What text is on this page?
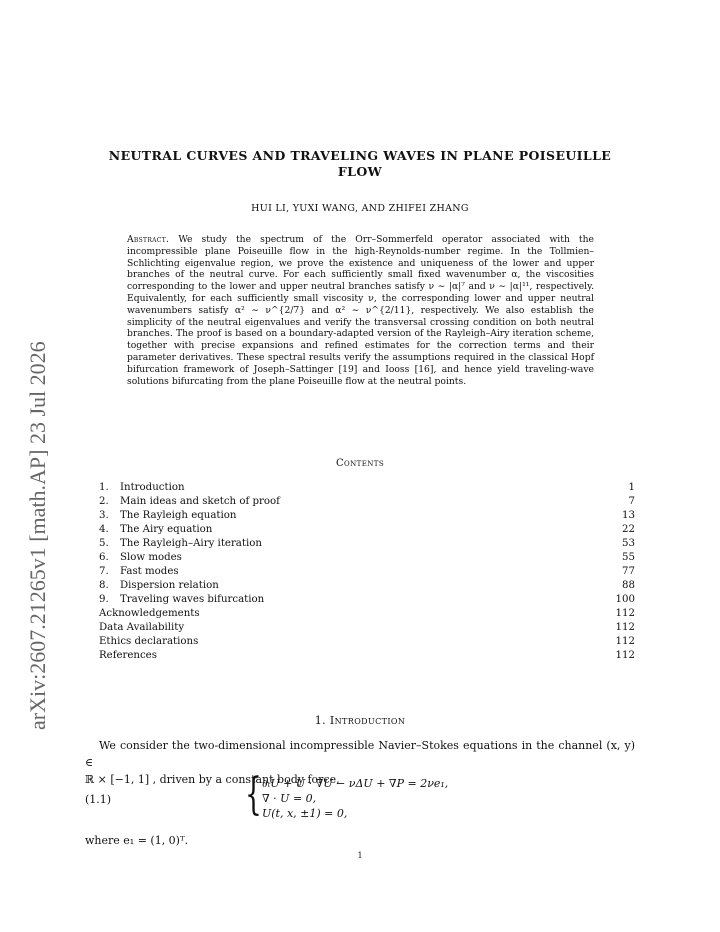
arXiv:2607.21265v1 [math.AP] 23 Jul 2026
NEUTRAL CURVES AND TRAVELING WAVES IN PLANE POISEUILLE
FLOW
HUI LI, YUXI WANG, AND ZHIFEI ZHANG
Abstract. We study the spectrum of the Orr–Sommerfeld operator associated with the incompressible plane Poiseuille flow in the high-Reynolds-number regime. In the Tollmien–Schlichting eigenvalue region, we prove the existence and uniqueness of the lower and upper branches of the neutral curve. For each sufficiently small fixed wavenumber α, the viscosities corresponding to the lower and upper neutral branches satisfy ν ∼ |α|⁷ and ν ∼ |α|¹¹, respectively. Equivalently, for each sufficiently small viscosity ν, the corresponding lower and upper neutral wavenumbers satisfy α² ∼ ν^{2/7} and α² ∼ ν^{2/11}, respectively. We also establish the simplicity of the neutral eigenvalues and verify the transversal crossing condition on both neutral branches. The proof is based on a boundary-adapted version of the Rayleigh–Airy iteration scheme, together with precise expansions and refined estimates for the correction terms and their parameter derivatives. These spectral results verify the assumptions required in the classical Hopf bifurcation framework of Joseph–Sattinger [19] and Iooss [16], and hence yield traveling-wave solutions bifurcating from the plane Poiseuille flow at the neutral points.
Contents
1.	Introduction	1
2.	Main ideas and sketch of proof	7
3.	The Rayleigh equation	13
4.	The Airy equation	22
5.	The Rayleigh–Airy iteration	53
6.	Slow modes	55
7.	Fast modes	77
8.	Dispersion relation	88
9.	Traveling waves bifurcation	100
Acknowledgements	112
Data Availability	112
Ethics declarations	112
References	112
1. Introduction
We consider the two-dimensional incompressible Navier–Stokes equations in the channel (x, y) ∈
ℝ × [−1, 1] , driven by a constant body force,
(1.1)	{ ∂ₜU + U · ∇U − νΔU + ∇P = 2νe₁,
∇ · U = 0,
U(t, x, ±1) = 0,
where e₁ = (1, 0)ᵀ.
1
